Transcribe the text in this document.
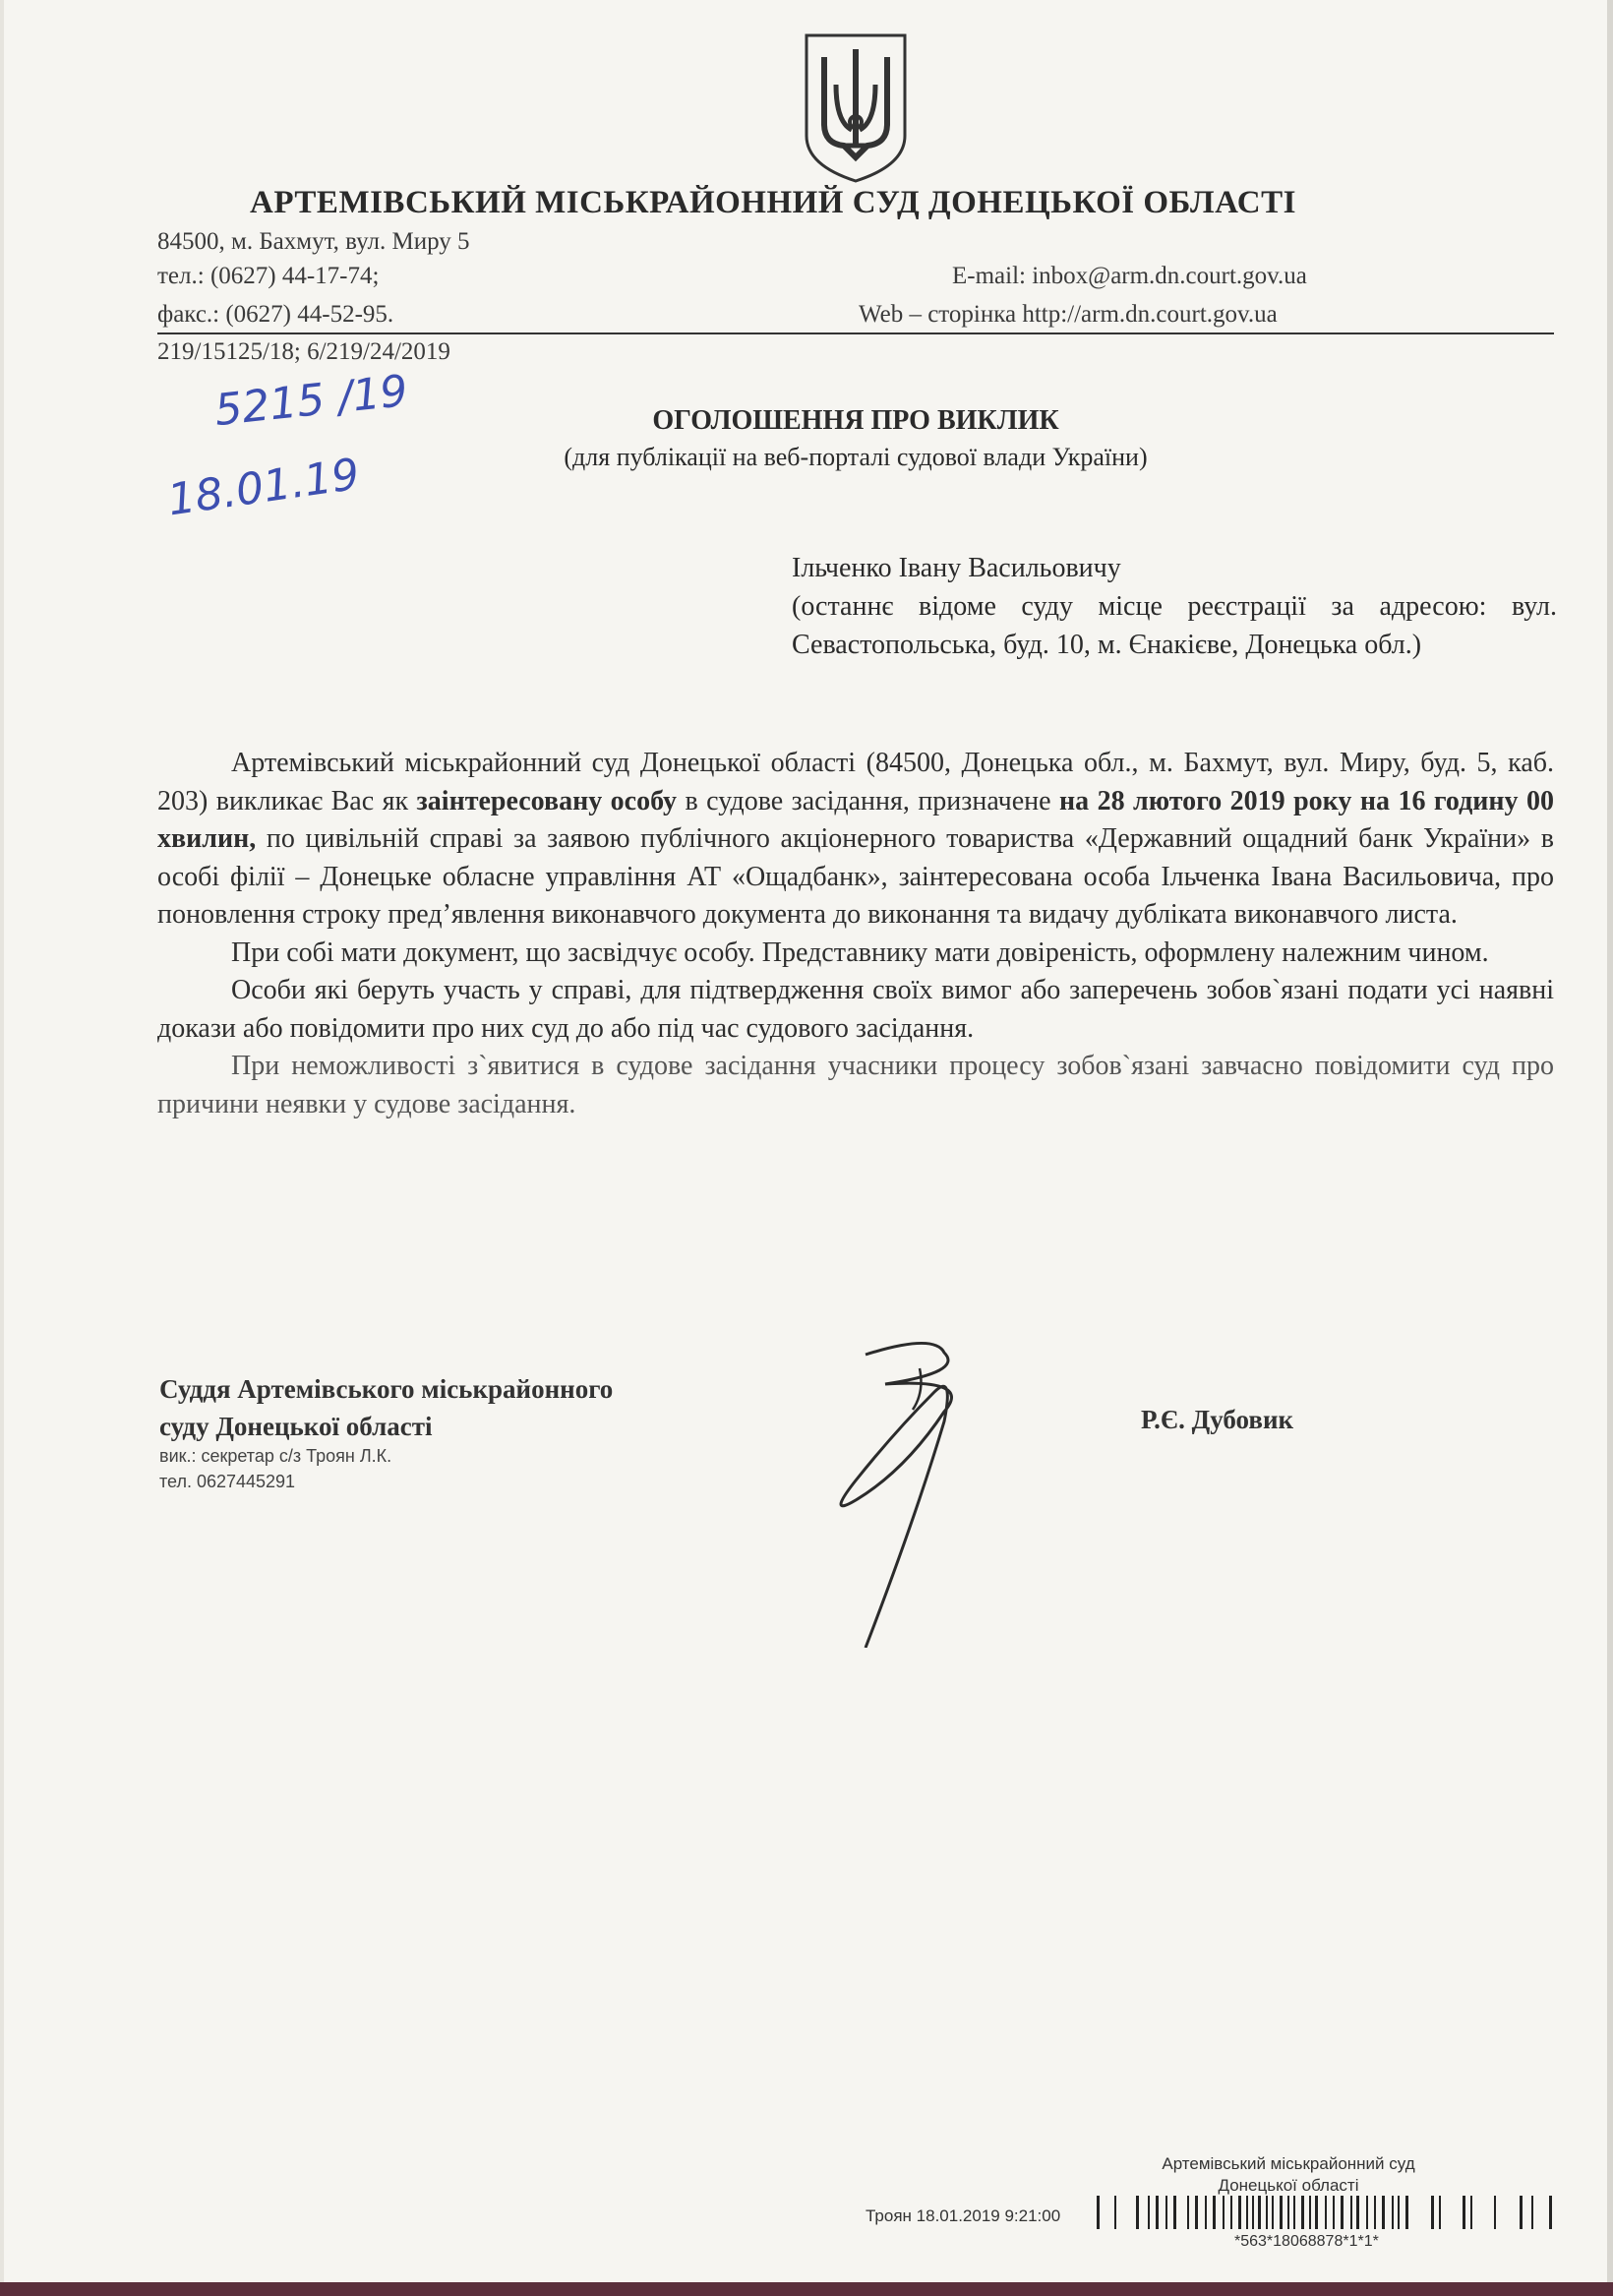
АРТЕМІВСЬКИЙ МІСЬКРАЙОННИЙ СУД ДОНЕЦЬКОЇ ОБЛАСТІ
84500, м. Бахмут, вул. Миру 5
тел.: (0627) 44-17-74;	E-mail: inbox@arm.dn.court.gov.ua
факс.: (0627) 44-52-95.	Web – сторінка http://arm.dn.court.gov.ua
219/15125/18; 6/219/24/2019
5215 /19
18.01.19
ОГОЛОШЕННЯ ПРО ВИКЛИК
(для публікації на веб-порталі судової влади України)
Ільченко Івану Васильовичу
(останнє відоме суду місце реєстрації за адресою: вул. Севастопольська, буд. 10, м. Єнакієве, Донецька обл.)

Артемівський міськрайонний суд Донецької області (84500, Донецька обл., м. Бахмут, вул. Миру, буд. 5, каб. 203) викликає Вас як заінтересовану особу в судове засідання, призначене на 28 лютого 2019 року на 16 годину 00 хвилин, по цивільній справі за заявою публічного акціонерного товариства «Державний ощадний банк України» в особі філії – Донецьке обласне управління АТ «Ощадбанк», заінтересована особа Ільченка Івана Васильовича, про поновлення строку пред’явлення виконавчого документа до виконання та видачу дубліката виконавчого листа.

При собі мати документ, що засвідчує особу. Представнику мати довіреність, оформлену належним чином.

Особи які беруть участь у справі, для підтвердження своїх вимог або заперечень зобов`язані подати усі наявні докази або повідомити про них суд до або під час судового засідання.

При неможливості з`явитися в судове засідання учасники процесу зобов`язані завчасно повідомити суд про причини неявки у судове засідання.

Суддя Артемівського міськрайонного
суду Донецької області
вик.: секретар с/з Троян Л.К.
тел. 0627445291
Р.Є. Дубовик
Артемівський міськрайонний суд
Донецької області
Троян 18.01.2019 9:21:00
*563*18068878*1*1*
